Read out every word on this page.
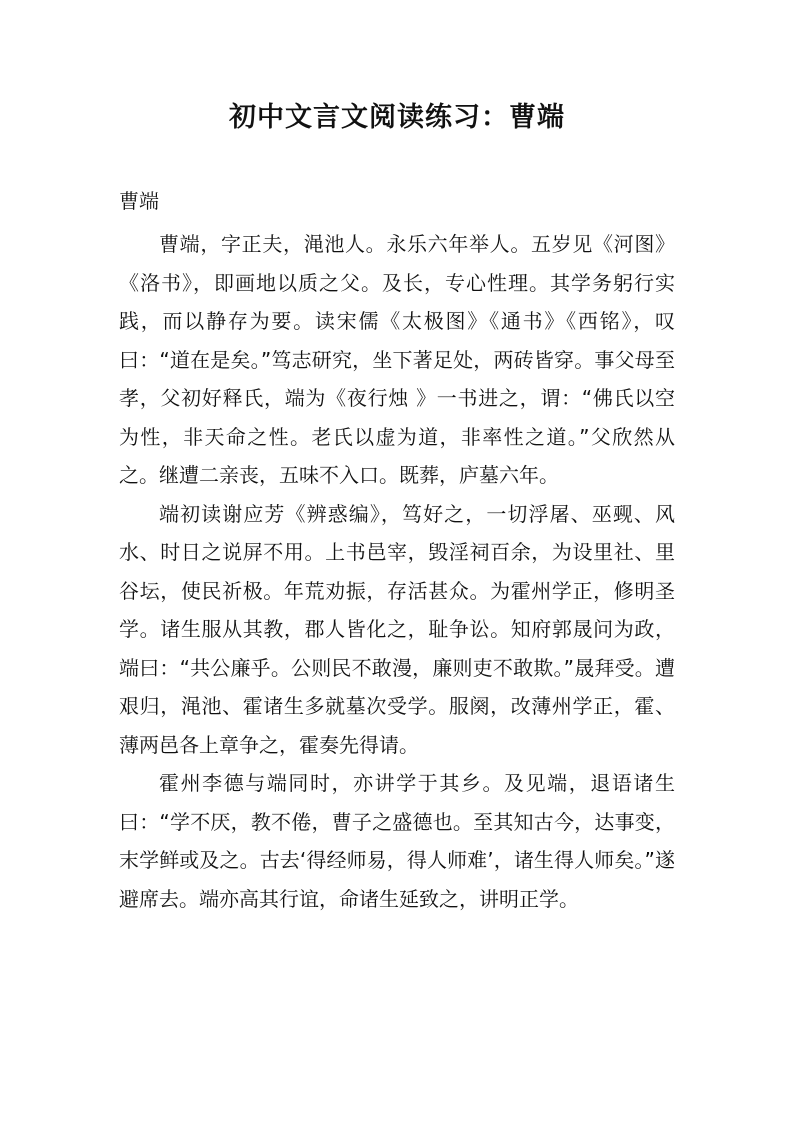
初中文言文阅读练习：曹端
曹端

曹端，字正夫，渑池人。永乐六年举人。五岁见《河图》《洛书》，即画地以质之父。及长，专心性理。其学务躬行实践，而以静存为要。读宋儒《太极图》《通书》《西铭》，叹曰：“道在是矣。”笃志研究，坐下著足处，两砖皆穿。事父母至孝，父初好释氏，端为《夜行烛 》一书进之，谓：“佛氏以空为性，非天命之性。老氏以虚为道，非率性之道。”父欣然从之。继遭二亲丧，五味不入口。既葬，庐墓六年。

端初读谢应芳《辨惑编》，笃好之，一切浮屠、巫觋、风水、时日之说屏不用。上书邑宰，毁淫祠百余，为设里社、里谷坛，使民祈极。年荒劝振，存活甚众。为霍州学正，修明圣学。诸生服从其教，郡人皆化之，耻争讼。知府郭晟问为政，端曰：“共公廉乎。公则民不敢漫，廉则吏不敢欺。”晟拜受。遭艰归，渑池、霍诸生多就墓次受学。服阕，改薄州学正，霍、薄两邑各上章争之，霍奏先得请。

霍州李德与端同时，亦讲学于其乡。及见端，退语诸生曰：“学不厌，教不倦，曹子之盛德也。至其知古今，达事变，末学鲜或及之。古去‘得经师易，得人师难’，诸生得人师矣。”遂避席去。端亦高其行谊，命诸生延致之，讲明正学。
